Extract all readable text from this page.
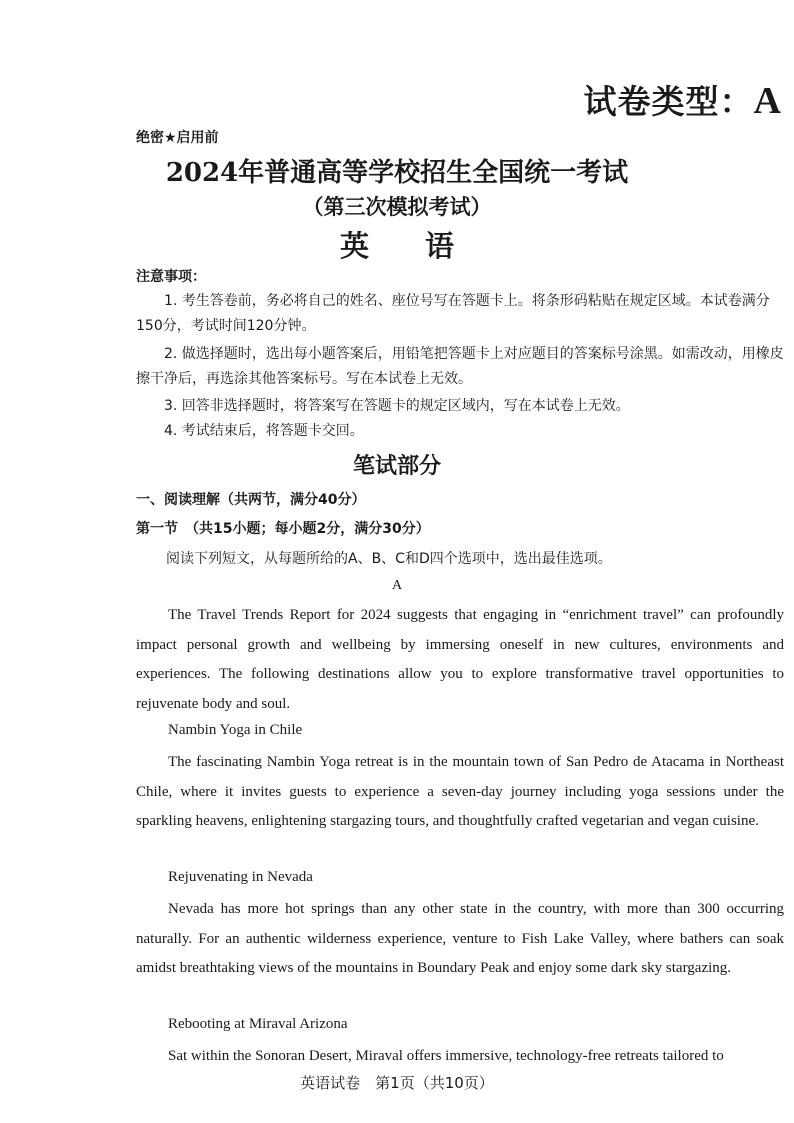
试卷类型：A
绝密★启用前
2024年普通高等学校招生全国统一考试
（第三次模拟考试）
英语
注意事项：
1. 考生答卷前，务必将自己的姓名、座位号写在答题卡上。将条形码粘贴在规定区域。本试卷满分150分，考试时间120分钟。
2. 做选择题时，选出每小题答案后，用铅笔把答题卡上对应题目的答案标号涂黑。如需改动，用橡皮擦干净后，再选涂其他答案标号。写在本试卷上无效。
3. 回答非选择题时，将答案写在答题卡的规定区域内，写在本试卷上无效。
4. 考试结束后，将答题卡交回。
笔试部分
一、阅读理解（共两节，满分40分）
第一节　（共15小题；每小题2分，满分30分）
阅读下列短文，从每题所给的A、B、C和D四个选项中，选出最佳选项。
A
The Travel Trends Report for 2024 suggests that engaging in “enrichment travel” can profoundly impact personal growth and wellbeing by immersing oneself in new cultures, environments and experiences. The following destinations allow you to explore transformative travel opportunities to rejuvenate body and soul.
Nambin Yoga in Chile
The fascinating Nambin Yoga retreat is in the mountain town of San Pedro de Atacama in Northeast Chile, where it invites guests to experience a seven-day journey including yoga sessions under the sparkling heavens, enlightening stargazing tours, and thoughtfully crafted vegetarian and vegan cuisine.
Rejuvenating in Nevada
Nevada has more hot springs than any other state in the country, with more than 300 occurring naturally. For an authentic wilderness experience, venture to Fish Lake Valley, where bathers can soak amidst breathtaking views of the mountains in Boundary Peak and enjoy some dark sky stargazing.
Rebooting at Miraval Arizona
Sat within the Sonoran Desert, Miraval offers immersive, technology-free retreats tailored to
英语试卷　第1页（共10页）
